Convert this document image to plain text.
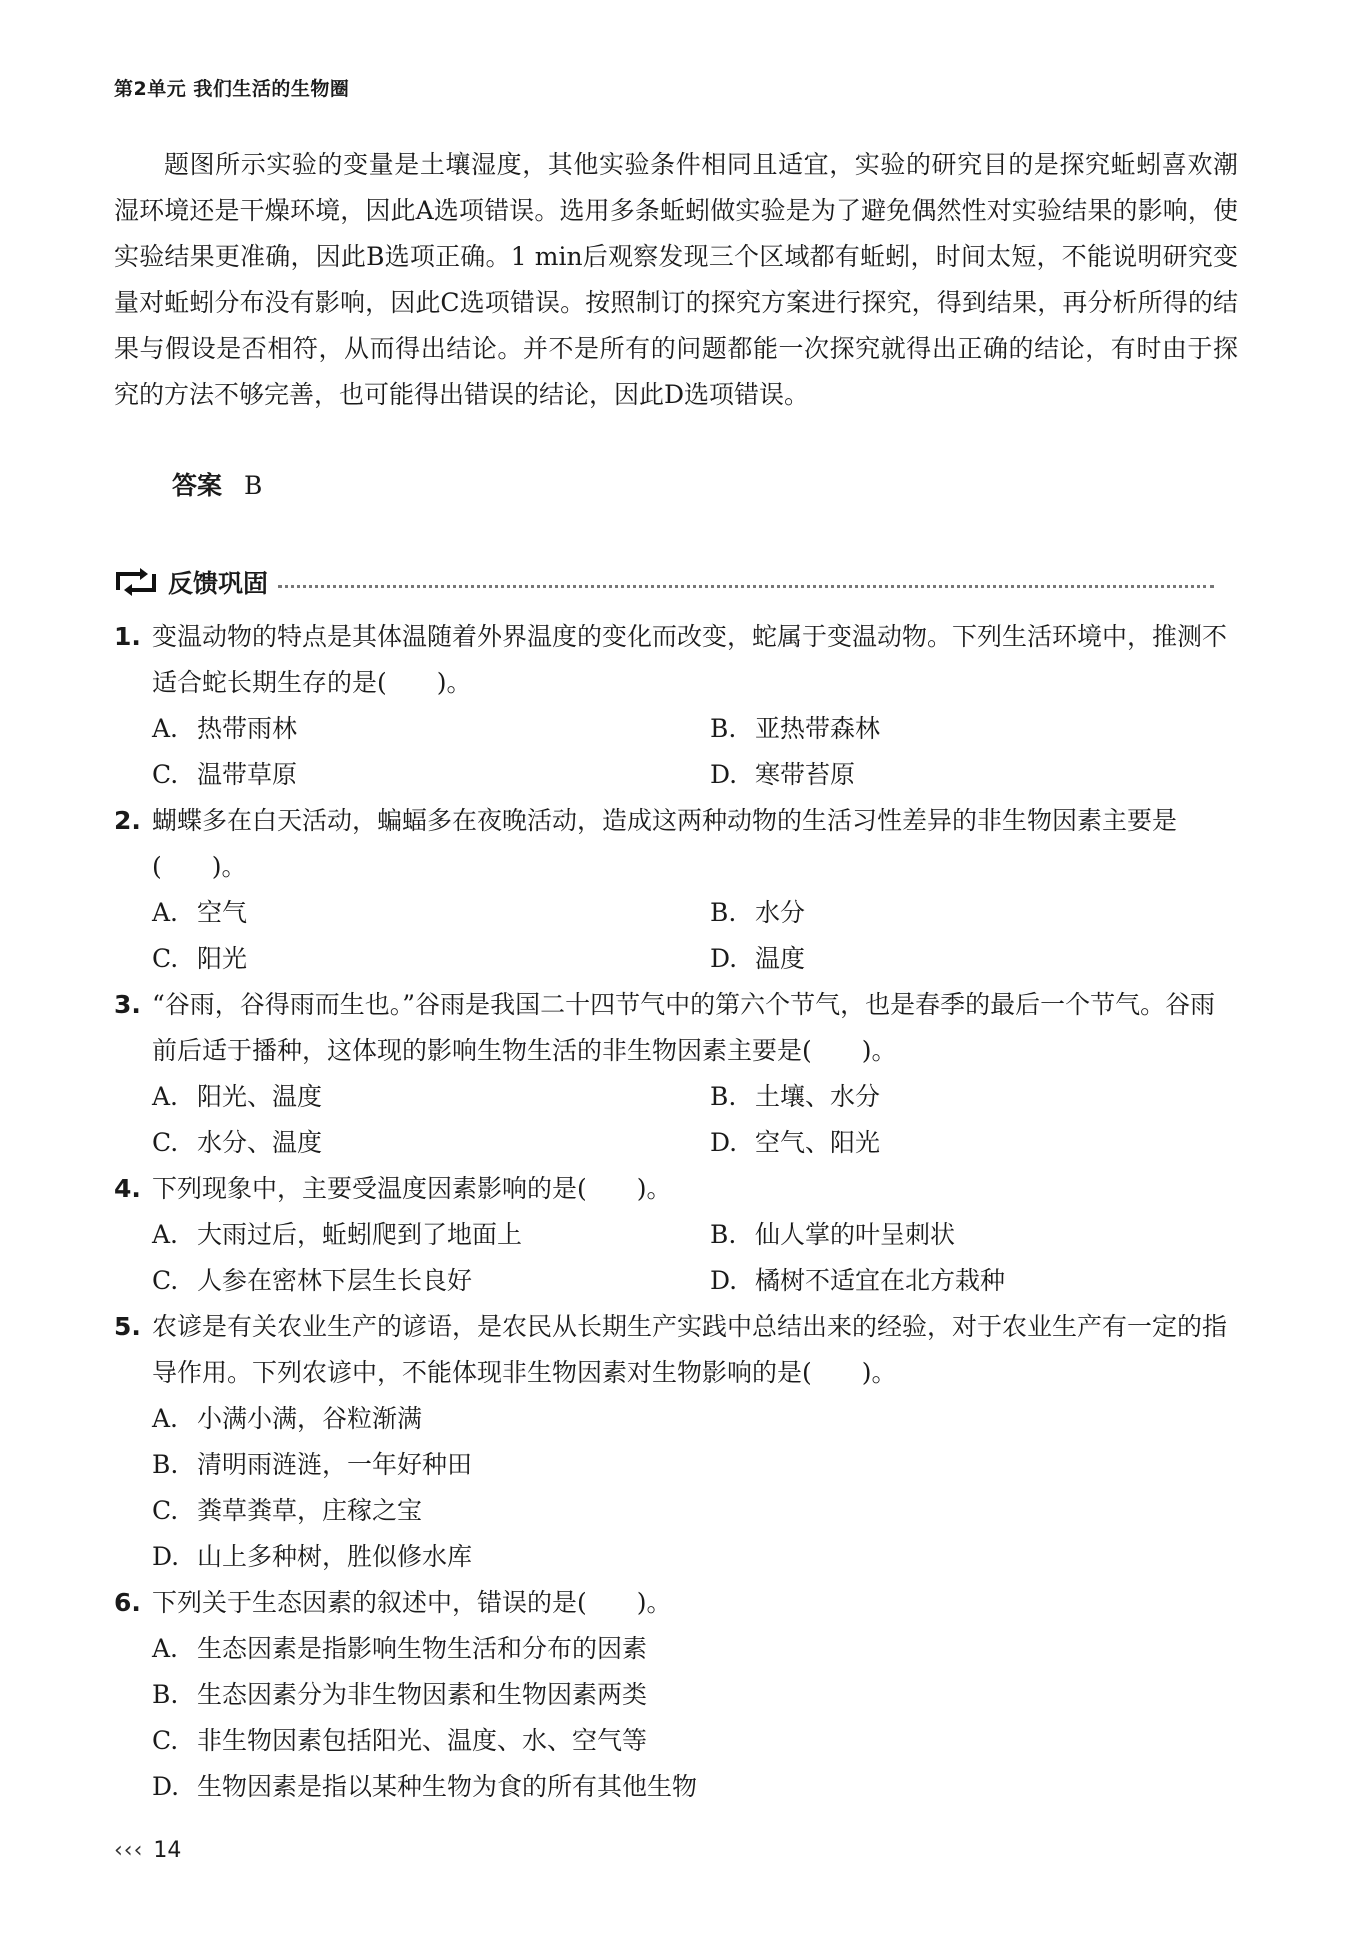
第2单元 我们生活的生物圈

题图所示实验的变量是土壤湿度，其他实验条件相同且适宜，实验的研究目的是探究蚯蚓喜欢潮湿环境还是干燥环境，因此A选项错误。选用多条蚯蚓做实验是为了避免偶然性对实验结果的影响，使实验结果更准确，因此B选项正确。1 min后观察发现三个区域都有蚯蚓，时间太短，不能说明研究变量对蚯蚓分布没有影响，因此C选项错误。按照制订的探究方案进行探究，得到结果，再分析所得的结果与假设是否相符，从而得出结论。并不是所有的问题都能一次探究就得出正确的结论，有时由于探究的方法不够完善，也可能得出错误的结论，因此D选项错误。

答案 B
反馈巩固
1. 变温动物的特点是其体温随着外界温度的变化而改变，蛇属于变温动物。下列生活环境中，推测不适合蛇长期生存的是(　　)。
A. 热带雨林	B. 亚热带森林
C. 温带草原	D. 寒带苔原
2. 蝴蝶多在白天活动，蝙蝠多在夜晚活动，造成这两种动物的生活习性差异的非生物因素主要是(　　)。
A. 空气	B. 水分
C. 阳光	D. 温度
3. “谷雨，谷得雨而生也。”谷雨是我国二十四节气中的第六个节气，也是春季的最后一个节气。谷雨前后适于播种，这体现的影响生物生活的非生物因素主要是(　　)。
A. 阳光、温度	B. 土壤、水分
C. 水分、温度	D. 空气、阳光
4. 下列现象中，主要受温度因素影响的是(　　)。
A. 大雨过后，蚯蚓爬到了地面上	B. 仙人掌的叶呈刺状
C. 人参在密林下层生长良好	D. 橘树不适宜在北方栽种
5. 农谚是有关农业生产的谚语，是农民从长期生产实践中总结出来的经验，对于农业生产有一定的指导作用。下列农谚中，不能体现非生物因素对生物影响的是(　　)。
A. 小满小满，谷粒渐满
B. 清明雨涟涟，一年好种田
C. 粪草粪草，庄稼之宝
D. 山上多种树，胜似修水库
6. 下列关于生态因素的叙述中，错误的是(　　)。
A. 生态因素是指影响生物生活和分布的因素
B. 生态因素分为非生物因素和生物因素两类
C. 非生物因素包括阳光、温度、水、空气等
D. 生物因素是指以某种生物为食的所有其他生物
‹‹‹ 14
